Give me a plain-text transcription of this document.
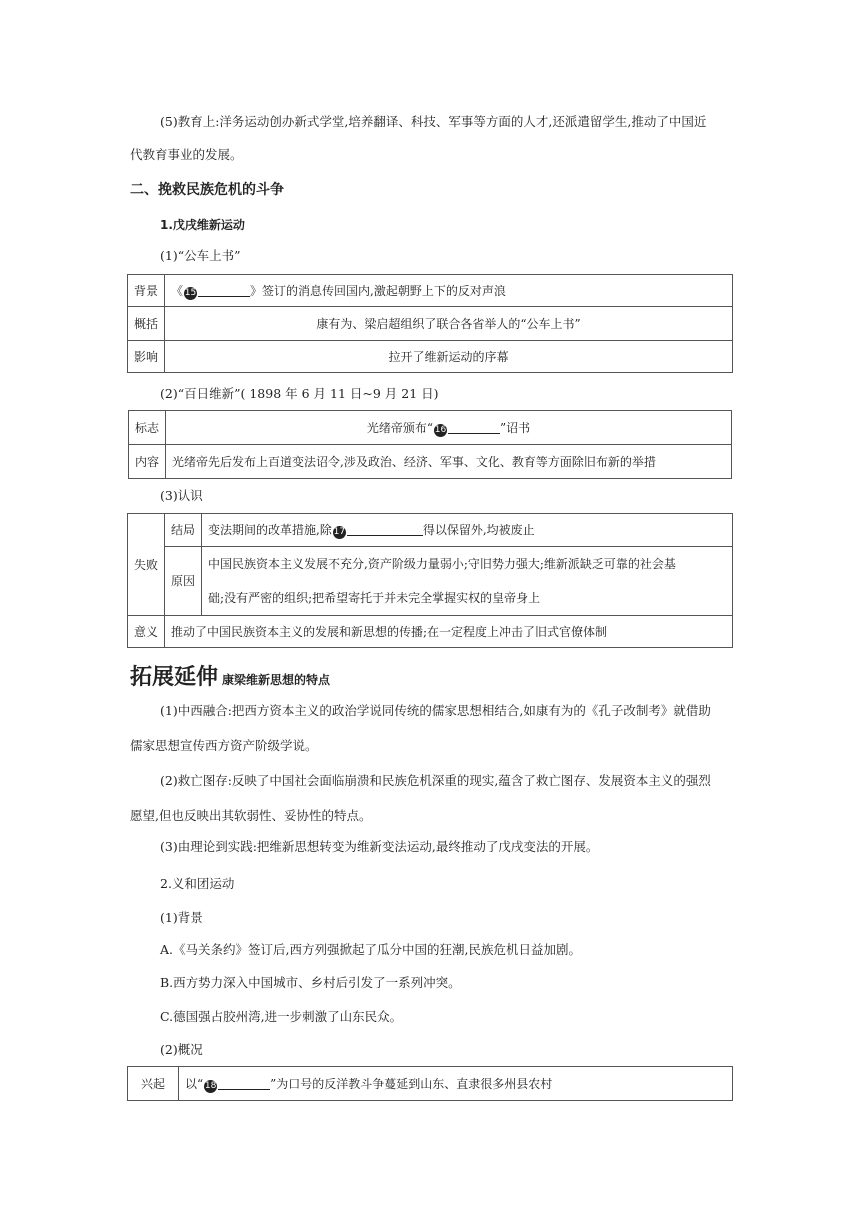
(5)教育上:洋务运动创办新式学堂,培养翻译、科技、军事等方面的人才,还派遣留学生,推动了中国近
代教育事业的发展。
二、挽救民族危机的斗争
1.戊戌维新运动
(1)“公车上书”
背景	《 15 》签订的消息传回国内,激起朝野上下的反对声浪
概括	康有为、梁启超组织了联合各省举人的“公车上书”
影响	拉开了维新运动的序幕
(2)“百日维新”( 1898 年 6 月 11 日~9 月 21 日)
标志	光绪帝颁布“ 16 ”诏书
内容	光绪帝先后发布上百道变法诏令,涉及政治、经济、军事、文化、教育等方面除旧布新的举措
(3)认识
失败	结局	变法期间的改革措施,除 17 得以保留外,均被废止
	原因	中国民族资本主义发展不充分,资产阶级力量弱小;守旧势力强大;维新派缺乏可靠的社会基
础;没有严密的组织;把希望寄托于并未完全掌握实权的皇帝身上

意义	推动了中国民族资本主义的发展和新思想的传播;在一定程度上冲击了旧式官僚体制	
拓展延伸 康梁维新思想的特点
(1)中西融合:把西方资本主义的政治学说同传统的儒家思想相结合,如康有为的《孔子改制考》就借助
儒家思想宣传西方资产阶级学说。
(2)救亡图存:反映了中国社会面临崩溃和民族危机深重的现实,蕴含了救亡图存、发展资本主义的强烈
愿望,但也反映出其软弱性、妥协性的特点。
(3)由理论到实践:把维新思想转变为维新变法运动,最终推动了戊戌变法的开展。
2.义和团运动
(1)背景
A.《马关条约》签订后,西方列强掀起了瓜分中国的狂潮,民族危机日益加剧。
B.西方势力深入中国城市、乡村后引发了一系列冲突。
C.德国强占胶州湾,进一步刺激了山东民众。
(2)概况
兴起	以“ 18	”为口号的反洋教斗争蔓延到山东、直隶很多州县农村
